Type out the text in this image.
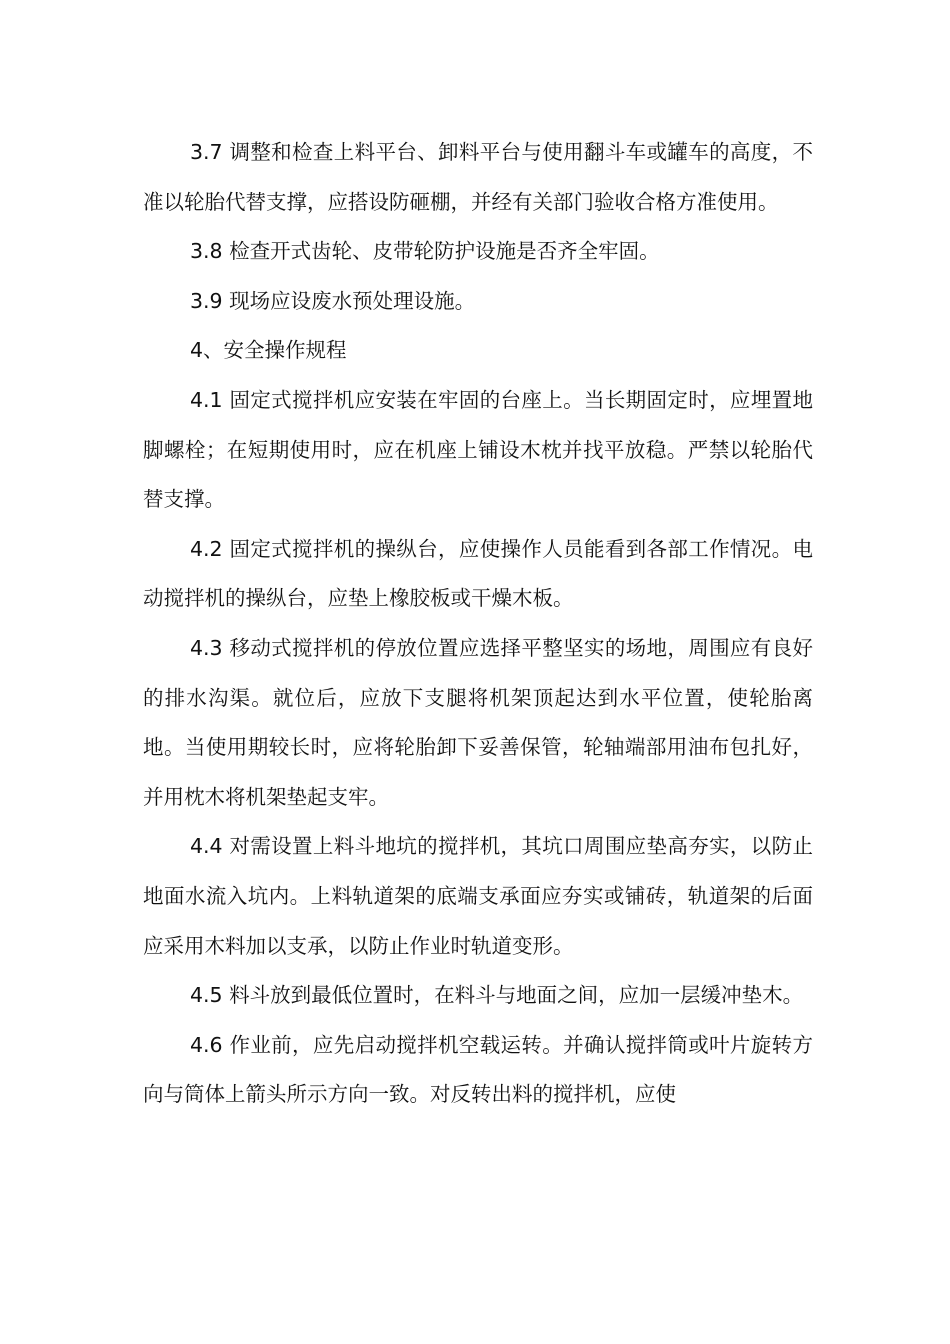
3.7 调整和检查上料平台、卸料平台与使用翻斗车或罐车的高度，不准以轮胎代替支撑，应搭设防砸棚，并经有关部门验收合格方准使用。

3.8 检查开式齿轮、皮带轮防护设施是否齐全牢固。

3.9 现场应设废水预处理设施。

4、安全操作规程

4.1 固定式搅拌机应安装在牢固的台座上。当长期固定时，应埋置地脚螺栓；在短期使用时，应在机座上铺设木枕并找平放稳。严禁以轮胎代替支撑。

4.2 固定式搅拌机的操纵台，应使操作人员能看到各部工作情况。电动搅拌机的操纵台，应垫上橡胶板或干燥木板。

4.3 移动式搅拌机的停放位置应选择平整坚实的场地，周围应有良好的排水沟渠。就位后，应放下支腿将机架顶起达到水平位置，使轮胎离地。当使用期较长时，应将轮胎卸下妥善保管，轮轴端部用油布包扎好，并用枕木将机架垫起支牢。

4.4 对需设置上料斗地坑的搅拌机，其坑口周围应垫高夯实，以防止地面水流入坑内。上料轨道架的底端支承面应夯实或铺砖，轨道架的后面应采用木料加以支承，以防止作业时轨道变形。

4.5 料斗放到最低位置时，在料斗与地面之间，应加一层缓冲垫木。

4.6 作业前，应先启动搅拌机空载运转。并确认搅拌筒或叶片旋转方向与筒体上箭头所示方向一致。对反转出料的搅拌机，应使
